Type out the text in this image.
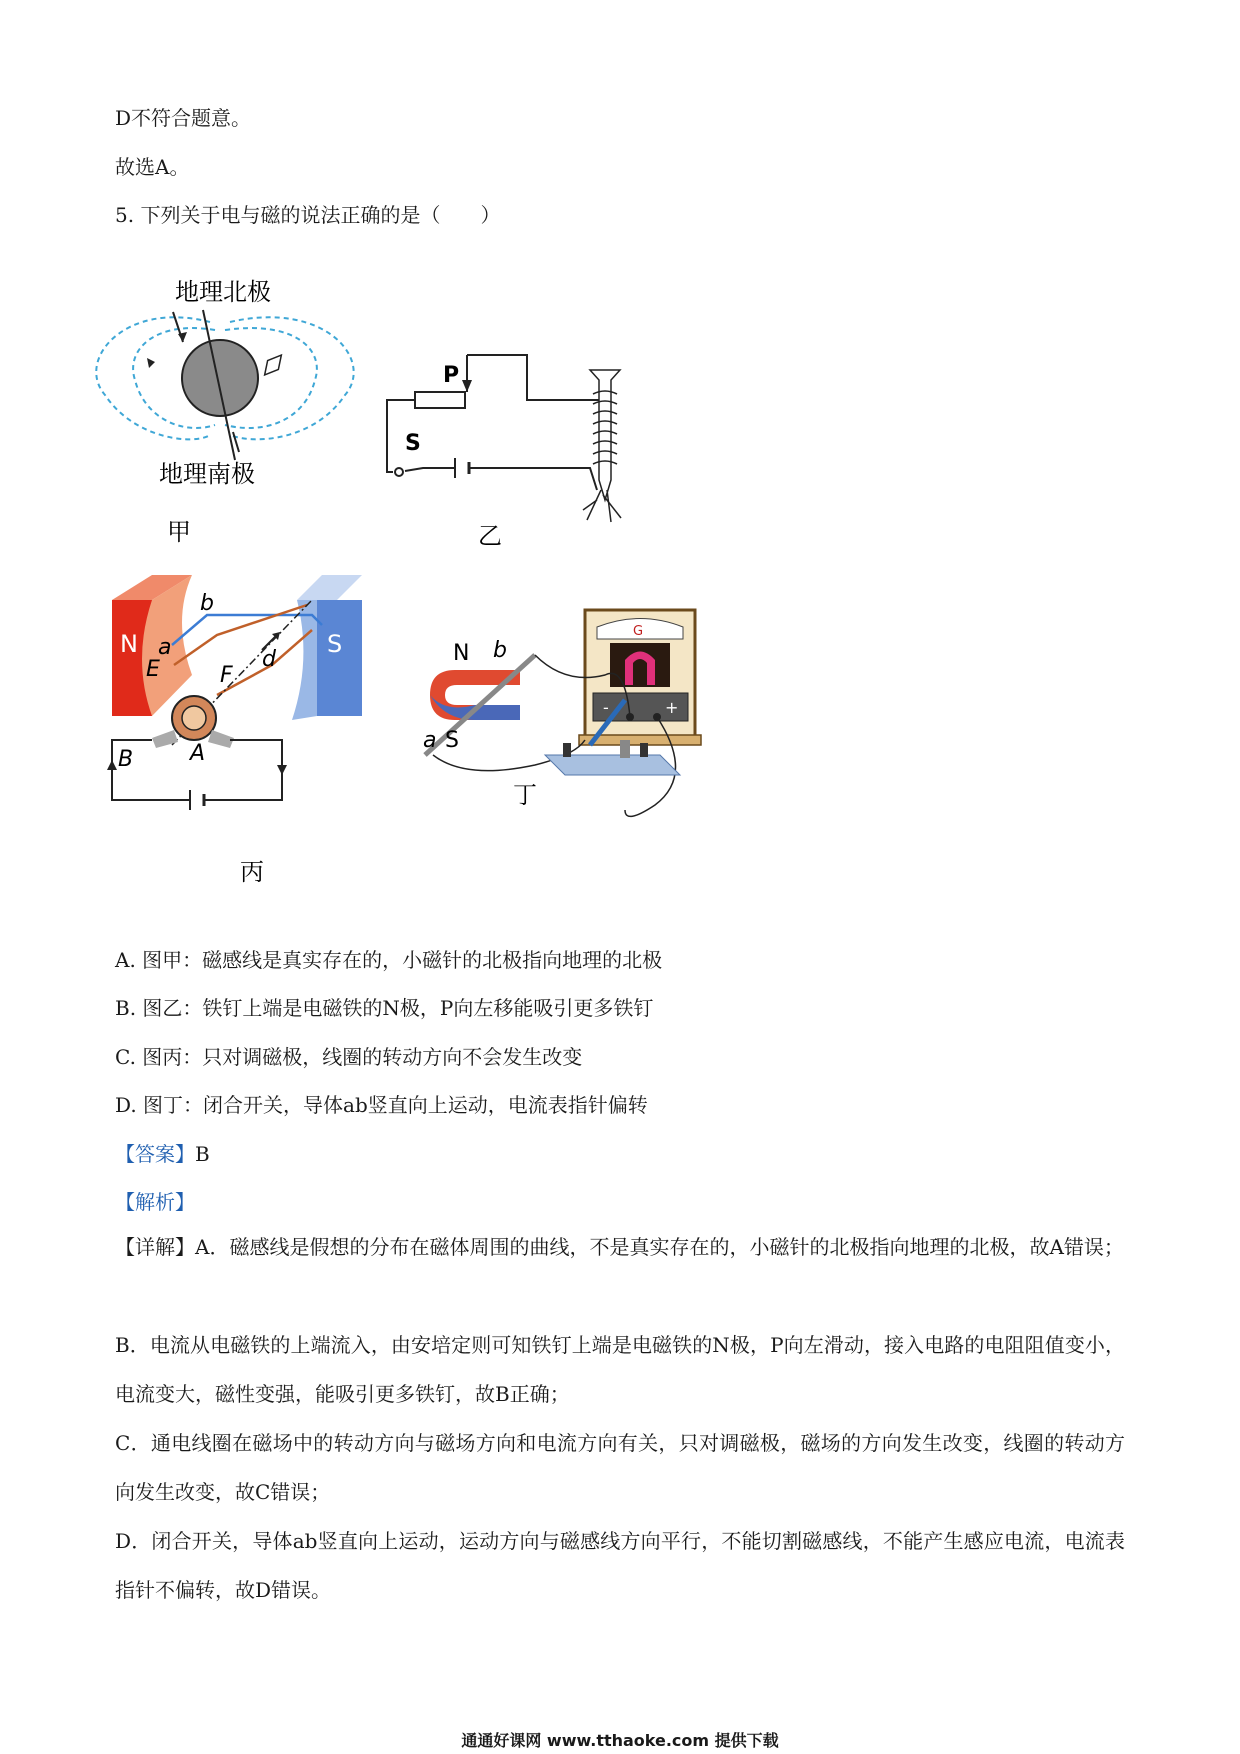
D不符合题意。
故选A。
5. 下列关于电与磁的说法正确的是（　　）
地理北极
地理南极
甲
P
S
乙
N	S
b
a
E	d
F
B	A
丙
G
-	+
N b
a S
丁
A. 图甲：磁感线是真实存在的，小磁针的北极指向地理的北极
B. 图乙：铁钉上端是电磁铁的N极，P向左移能吸引更多铁钉
C. 图丙：只对调磁极，线圈的转动方向不会发生改变
D. 图丁：闭合开关，导体ab竖直向上运动，电流表指针偏转
【答案】B
【解析】
【详解】A．磁感线是假想的分布在磁体周围的曲线，不是真实存在的，小磁针的北极指向地理的北极，故A错误；
B．电流从电磁铁的上端流入，由安培定则可知铁钉上端是电磁铁的N极，P向左滑动，接入电路的电阻阻值变小，电流变大，磁性变强，能吸引更多铁钉，故B正确；
C．通电线圈在磁场中的转动方向与磁场方向和电流方向有关，只对调磁极，磁场的方向发生改变，线圈的转动方向发生改变，故C错误；
D．闭合开关，导体ab竖直向上运动，运动方向与磁感线方向平行，不能切割磁感线，不能产生感应电流，电流表指针不偏转，故D错误。
通通好课网 www.tthaoke.com 提供下载
